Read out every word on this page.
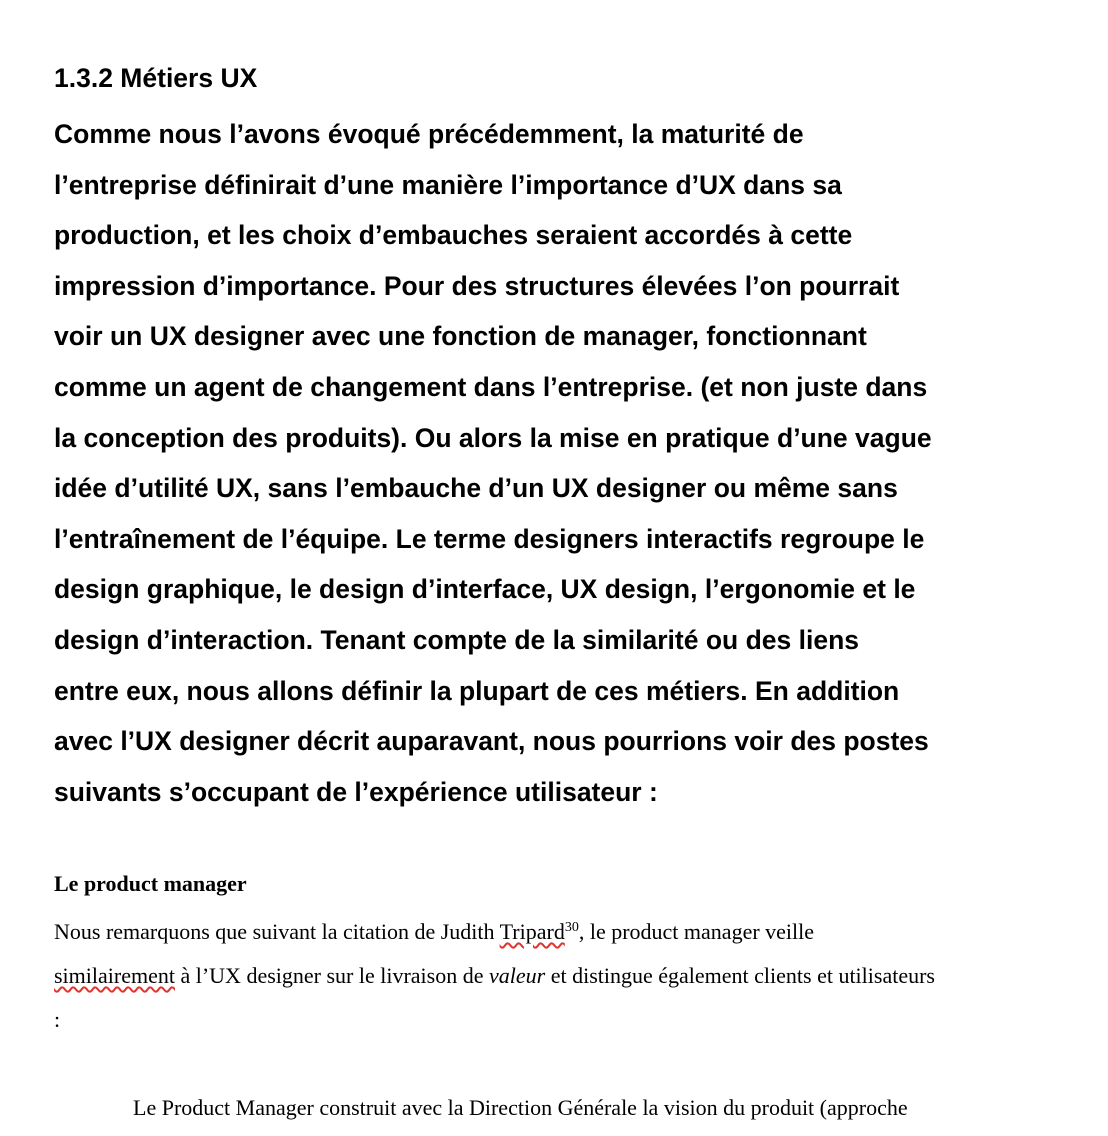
1.3.2 Métiers UX

Comme nous l’avons évoqué précédemment, la maturité de
l’entreprise définirait d’une manière l’importance d’UX dans sa
production, et les choix d’embauches seraient accordés à cette
impression d’importance. Pour des structures élevées l’on pourrait
voir un UX designer avec une fonction de manager, fonctionnant
comme un agent de changement dans l’entreprise. (et non juste dans
la conception des produits). Ou alors la mise en pratique d’une vague
idée d’utilité UX, sans l’embauche d’un UX designer ou même sans
l’entraînement de l’équipe. Le terme designers interactifs regroupe le
design graphique, le design d’interface, UX design, l’ergonomie et le
design d’interaction. Tenant compte de la similarité ou des liens
entre eux, nous allons définir la plupart de ces métiers. En addition
avec l’UX designer décrit auparavant, nous pourrions voir des postes
suivants s’occupant de l’expérience utilisateur :

Le product manager

Nous remarquons que suivant la citation de Judith Tripard$^{30}$, le product manager veille
similairement à l’UX designer sur le livraison de valeur et distingue également clients et utilisateurs
:

Le Product Manager construit avec la Direction Générale la vision du produit (approche
